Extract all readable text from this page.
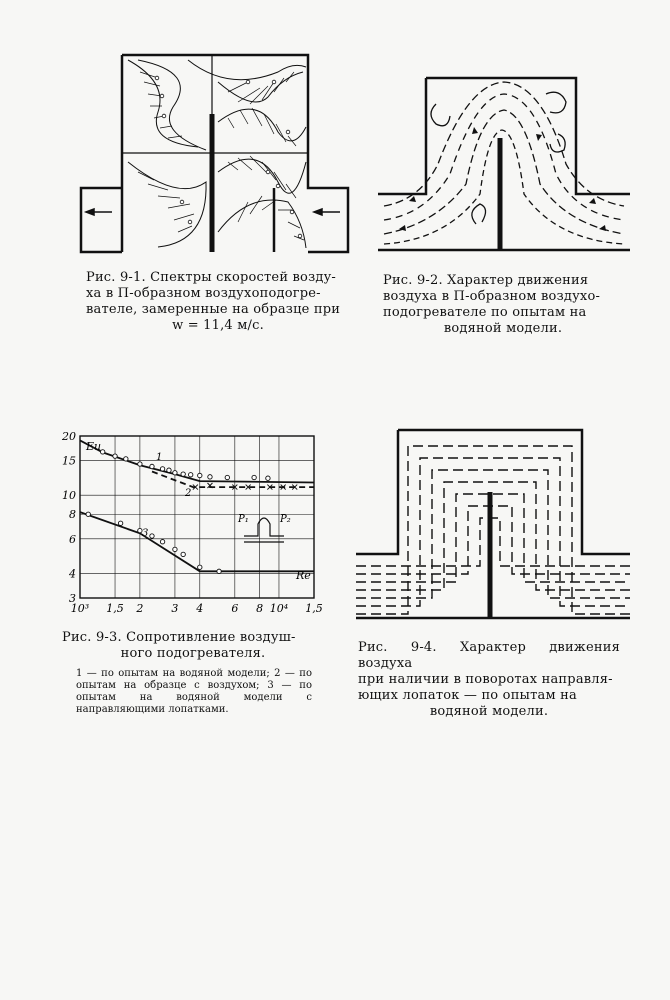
Рис. 9-1. Спектры скоростей возду-
ха в П-образном воздухоподогре-
вателе, замеренные на образце при
w = 11,4 м/с.
Рис. 9-2. Характер движения
воздуха в П-образном воздухо-
подогревателе по опытам на
водяной модели.
10³ 1,5 2	3 4	6 8 10⁴ 1,5
20
15
10
8
6
4
3
Eu
Re
P₁	P₂
1
2
3
Рис. 9-3. Сопротивление воздуш-
ного подогревателя.
1 — по опытам на водяной модели; 2 — по опытам на образце с воздухом; 3 — по опытам на водяной модели с направляющими лопатками.
Рис. 9-4. Характер движения воздуха
при наличии в поворотах направля-
ющих лопаток — по опытам на
водяной модели.
